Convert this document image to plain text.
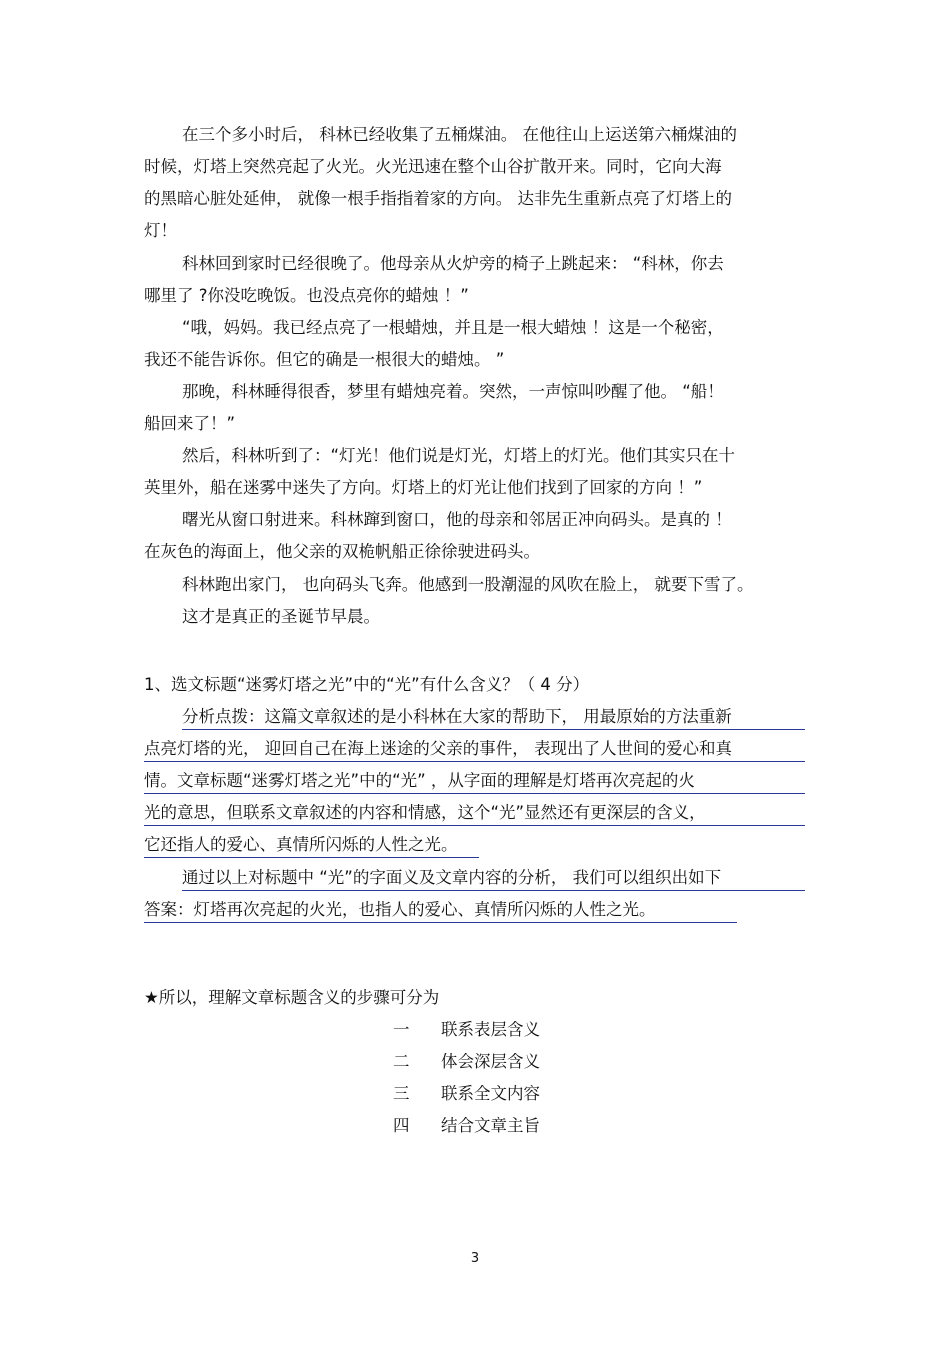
在三个多小时后， 科林已经收集了五桶煤油。 在他往山上运送第六桶煤油的
时候，灯塔上突然亮起了火光。火光迅速在整个山谷扩散开来。同时，它向大海
的黑暗心脏处延伸， 就像一根手指指着家的方向。 达非先生重新点亮了灯塔上的
灯！
科林回到家时已经很晚了。他母亲从火炉旁的椅子上跳起来： “科林，你去
哪里了 ?你没吃晚饭。也没点亮你的蜡烛 ！”
“哦，妈妈。我已经点亮了一根蜡烛，并且是一根大蜡烛 ！这是一个秘密，
我还不能告诉你。但它的确是一根很大的蜡烛。 ”
那晚，科林睡得很香，梦里有蜡烛亮着。突然，一声惊叫吵醒了他。 “船！
船回来了！”
然后，科林听到了：“灯光！他们说是灯光，灯塔上的灯光。他们其实只在十
英里外，船在迷雾中迷失了方向。灯塔上的灯光让他们找到了回家的方向 ！”
曙光从窗口射进来。科林蹿到窗口，他的母亲和邻居正冲向码头。是真的 ！
在灰色的海面上，他父亲的双桅帆船正徐徐驶进码头。
科林跑出家门， 也向码头飞奔。他感到一股潮湿的风吹在脸上， 就要下雪了。
这才是真正的圣诞节早晨。
1、选文标题“迷雾灯塔之光”中的“光”有什么含义？（ 4 分）
分析点拨：这篇文章叙述的是小科林在大家的帮助下， 用最原始的方法重新
点亮灯塔的光， 迎回自己在海上迷途的父亲的事件， 表现出了人世间的爱心和真
情。文章标题“迷雾灯塔之光”中的“光” ，从字面的理解是灯塔再次亮起的火
光的意思，但联系文章叙述的内容和情感，这个“光”显然还有更深层的含义，
它还指人的爱心、真情所闪烁的人性之光。
通过以上对标题中 “光”的字面义及文章内容的分析， 我们可以组织出如下
答案：灯塔再次亮起的火光，也指人的爱心、真情所闪烁的人性之光。
★所以，理解文章标题含义的步骤可分为
一 联系表层含义
二 体会深层含义
三 联系全文内容
四 结合文章主旨
3
